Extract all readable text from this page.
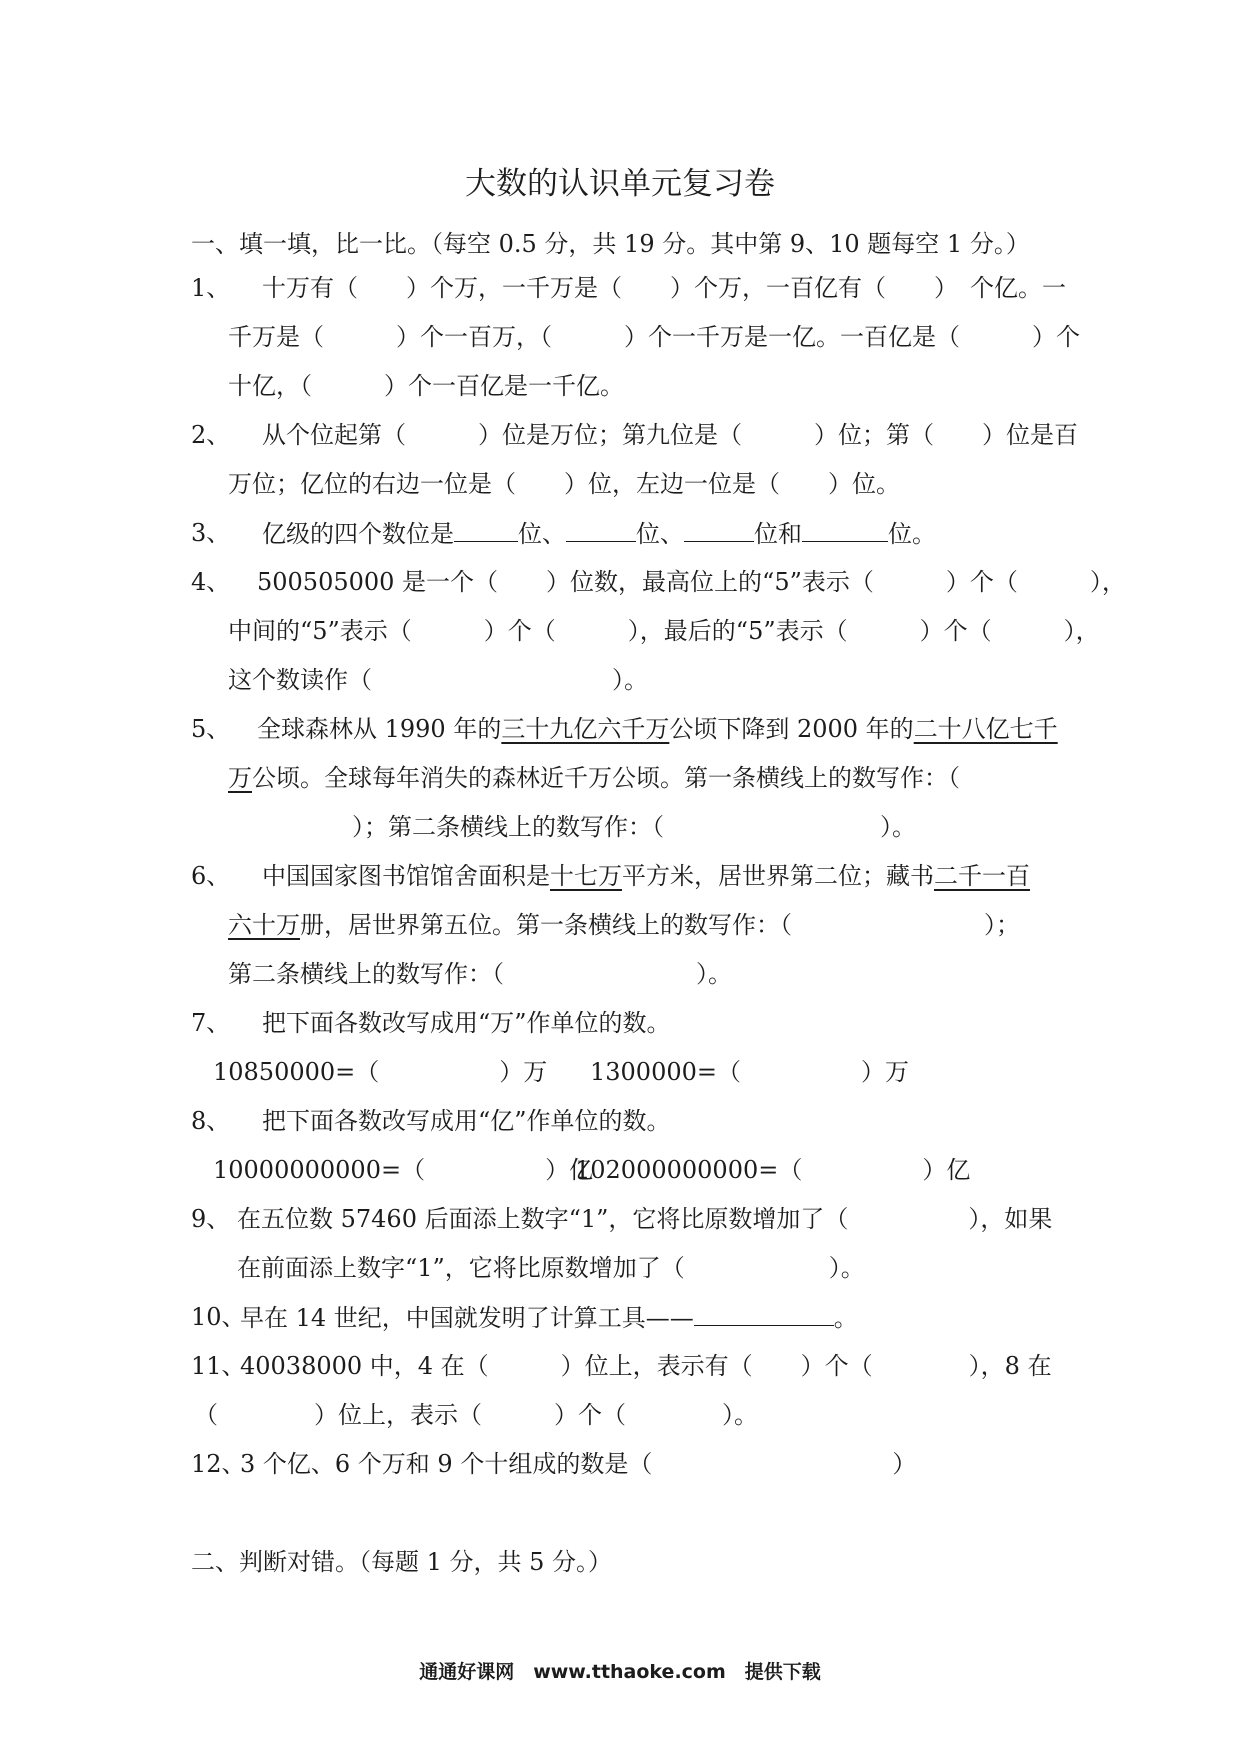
大数的认识单元复习卷
一、填一填，比一比。（每空 0.5 分，共 19 分。其中第 9、10 题每空 1 分。）
1、 十万有（　　）个万，一千万是（　　）个万，一百亿有（　　）　个亿。一
千万是（　　　）个一百万，（　　　）个一千万是一亿。一百亿是（　　　）个
十亿，（　　　）个一百亿是一千亿。
2、 从个位起第（　　　）位是万位；第九位是（　　　）位；第（　　）位是百
万位；亿位的右边一位是（　　）位，左边一位是（　　）位。
3、 亿级的四个数位是	位、	位、	位和	位。
4、 500505000 是一个（　　）位数，最高位上的“5”表示（　　　）个（　　　），
中间的“5”表示（　　　）个（　　　），最后的“5”表示（　　　）个（　　　），
这个数读作（　　　　　　　　　　）。
5、 全球森林从 1990 年的三十九亿六千万公顷下降到 2000 年的二十八亿七千
万公顷。全球每年消失的森林近千万公顷。第一条横线上的数写作：（
）；第二条横线上的数写作：（　　　　　　　　　）。
6、 中国国家图书馆馆舍面积是十七万平方米，居世界第二位；藏书二千一百
六十万册，居世界第五位。第一条横线上的数写作：（　　　　　　　　）；
第二条横线上的数写作：（　　　　　　　　）。
7、 把下面各数改写成用“万”作单位的数。
10850000=（　　　　　）万 1300000=（　　　　　）万
8、 把下面各数改写成用“亿”作单位的数。
10000000000=（　　　　　）亿
102000000000=（　　　　　）亿
9、 在五位数 57460 后面添上数字“1”，它将比原数增加了（　　　　　），如果
在前面添上数字“1”，它将比原数增加了（　　　　　　）。
10、
早在 14 世纪，中国就发明了计算工具——	。
11、
40038000 中，4 在（　　　）位上，表示有（　　）个（　　　　），8 在
（　　　　）位上，表示（　　　）个（　　　　）。
12、
3 个亿、6 个万和 9 个十组成的数是（　　　　　　　　　　）
二、判断对错。（每题 1 分，共 5 分。）
通通好课网　www.tthaoke.com　提供下载
